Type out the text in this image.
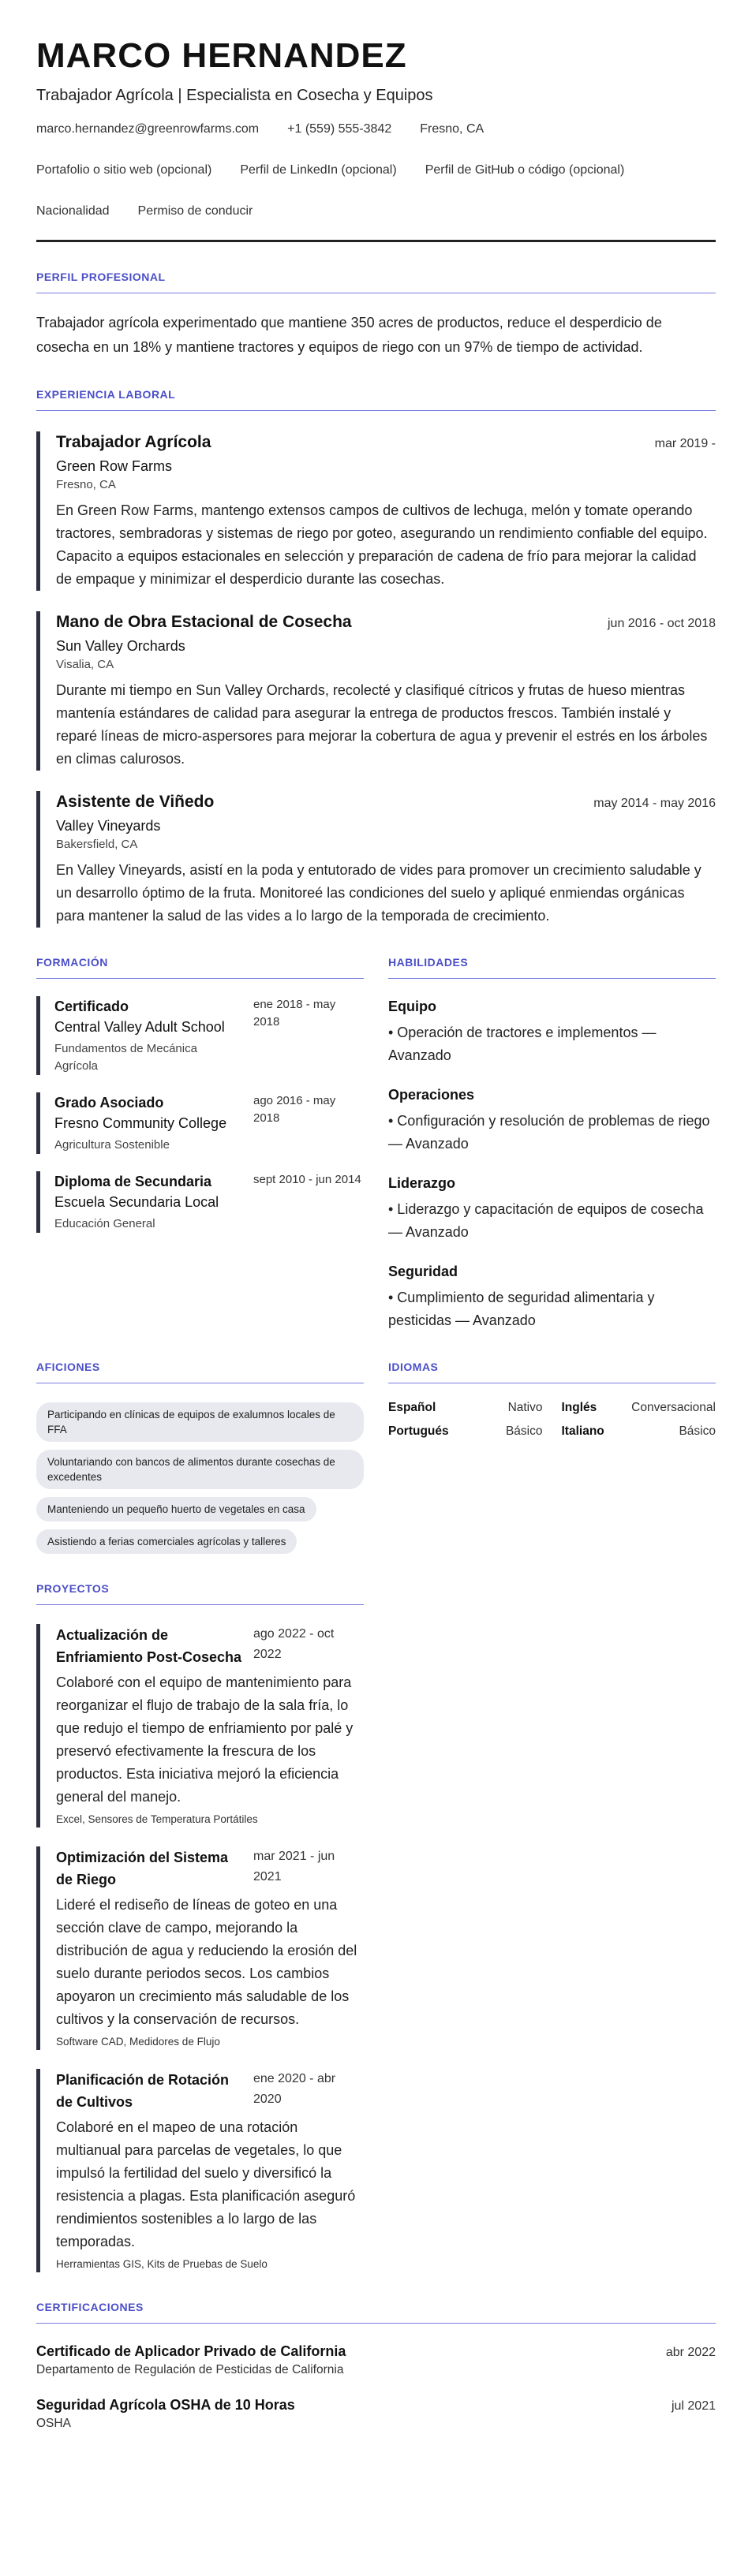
MARCO HERNANDEZ
Trabajador Agrícola | Especialista en Cosecha y Equipos
marco.hernandez@greenrowfarms.com +1 (559) 555-3842 Fresno, CA
Portafolio o sitio web (opcional) Perfil de LinkedIn (opcional) Perfil de GitHub o código (opcional)
Nacionalidad Permiso de conducir
PERFIL PROFESIONAL

Trabajador agrícola experimentado que mantiene 350 acres de productos, reduce el desperdicio de cosecha en un 18% y mantiene tractores y equipos de riego con un 97% de tiempo de actividad.

EXPERIENCIA LABORAL
Trabajador Agrícola	mar 2019 -
Green Row Farms
Fresno, CA

En Green Row Farms, mantengo extensos campos de cultivos de lechuga, melón y tomate operando tractores, sembradoras y sistemas de riego por goteo, asegurando un rendimiento confiable del equipo. Capacito a equipos estacionales en selección y preparación de cadena de frío para mejorar la calidad de empaque y minimizar el desperdicio durante las cosechas.

Mano de Obra Estacional de Cosecha	jun 2016 - oct 2018
Sun Valley Orchards
Visalia, CA

Durante mi tiempo en Sun Valley Orchards, recolecté y clasifiqué cítricos y frutas de hueso mientras mantenía estándares de calidad para asegurar la entrega de productos frescos. También instalé y reparé líneas de micro-aspersores para mejorar la cobertura de agua y prevenir el estrés en los árboles en climas calurosos.

Asistente de Viñedo	may 2014 - may 2016
Valley Vineyards
Bakersfield, CA

En Valley Vineyards, asistí en la poda y entutorado de vides para promover un crecimiento saludable y un desarrollo óptimo de la fruta. Monitoreé las condiciones del suelo y apliqué enmiendas orgánicas para mantener la salud de las vides a lo largo de la temporada de crecimiento.

FORMACIÓN
Certificado
Central Valley Adult School
Fundamentos de Mecánica Agrícola
ene 2018 - may 2018
Grado Asociado
Fresno Community College
Agricultura Sostenible
ago 2016 - may 2018
Diploma de Secundaria
Escuela Secundaria Local
Educación General
sept 2010 - jun 2014
HABILIDADES
Equipo
• Operación de tractores e implementos — Avanzado
Operaciones
• Configuración y resolución de problemas de riego — Avanzado
Liderazgo
• Liderazgo y capacitación de equipos de cosecha — Avanzado
Seguridad
• Cumplimiento de seguridad alimentaria y pesticidas — Avanzado
AFICIONES
Participando en clínicas de equipos de exalumnos locales de FFA
Voluntariando con bancos de alimentos durante cosechas de excedentes
Manteniendo un pequeño huerto de vegetales en casa
Asistiendo a ferias comerciales agrícolas y talleres
IDIOMAS
Español	Nativo Inglés	Conversacional
Portugués	Básico Italiano	Básico
PROYECTOS
Actualización de Enfriamiento Post-Cosecha
ago 2022 - oct 2022

Colaboré con el equipo de mantenimiento para reorganizar el flujo de trabajo de la sala fría, lo que redujo el tiempo de enfriamiento por palé y preservó efectivamente la frescura de los productos. Esta iniciativa mejoró la eficiencia general del manejo.

Excel, Sensores de Temperatura Portátiles
Optimización del Sistema de Riego
mar 2021 - jun 2021

Lideré el rediseño de líneas de goteo en una sección clave de campo, mejorando la distribución de agua y reduciendo la erosión del suelo durante periodos secos. Los cambios apoyaron un crecimiento más saludable de los cultivos y la conservación de recursos.

Software CAD, Medidores de Flujo
Planificación de Rotación de Cultivos
ene 2020 - abr 2020

Colaboré en el mapeo de una rotación multianual para parcelas de vegetales, lo que impulsó la fertilidad del suelo y diversificó la resistencia a plagas. Esta planificación aseguró rendimientos sostenibles a lo largo de las temporadas.

Herramientas GIS, Kits de Pruebas de Suelo
CERTIFICACIONES
Certificado de Aplicador Privado de California	abr 2022
Departamento de Regulación de Pesticidas de California
Seguridad Agrícola OSHA de 10 Horas	jul 2021
OSHA
